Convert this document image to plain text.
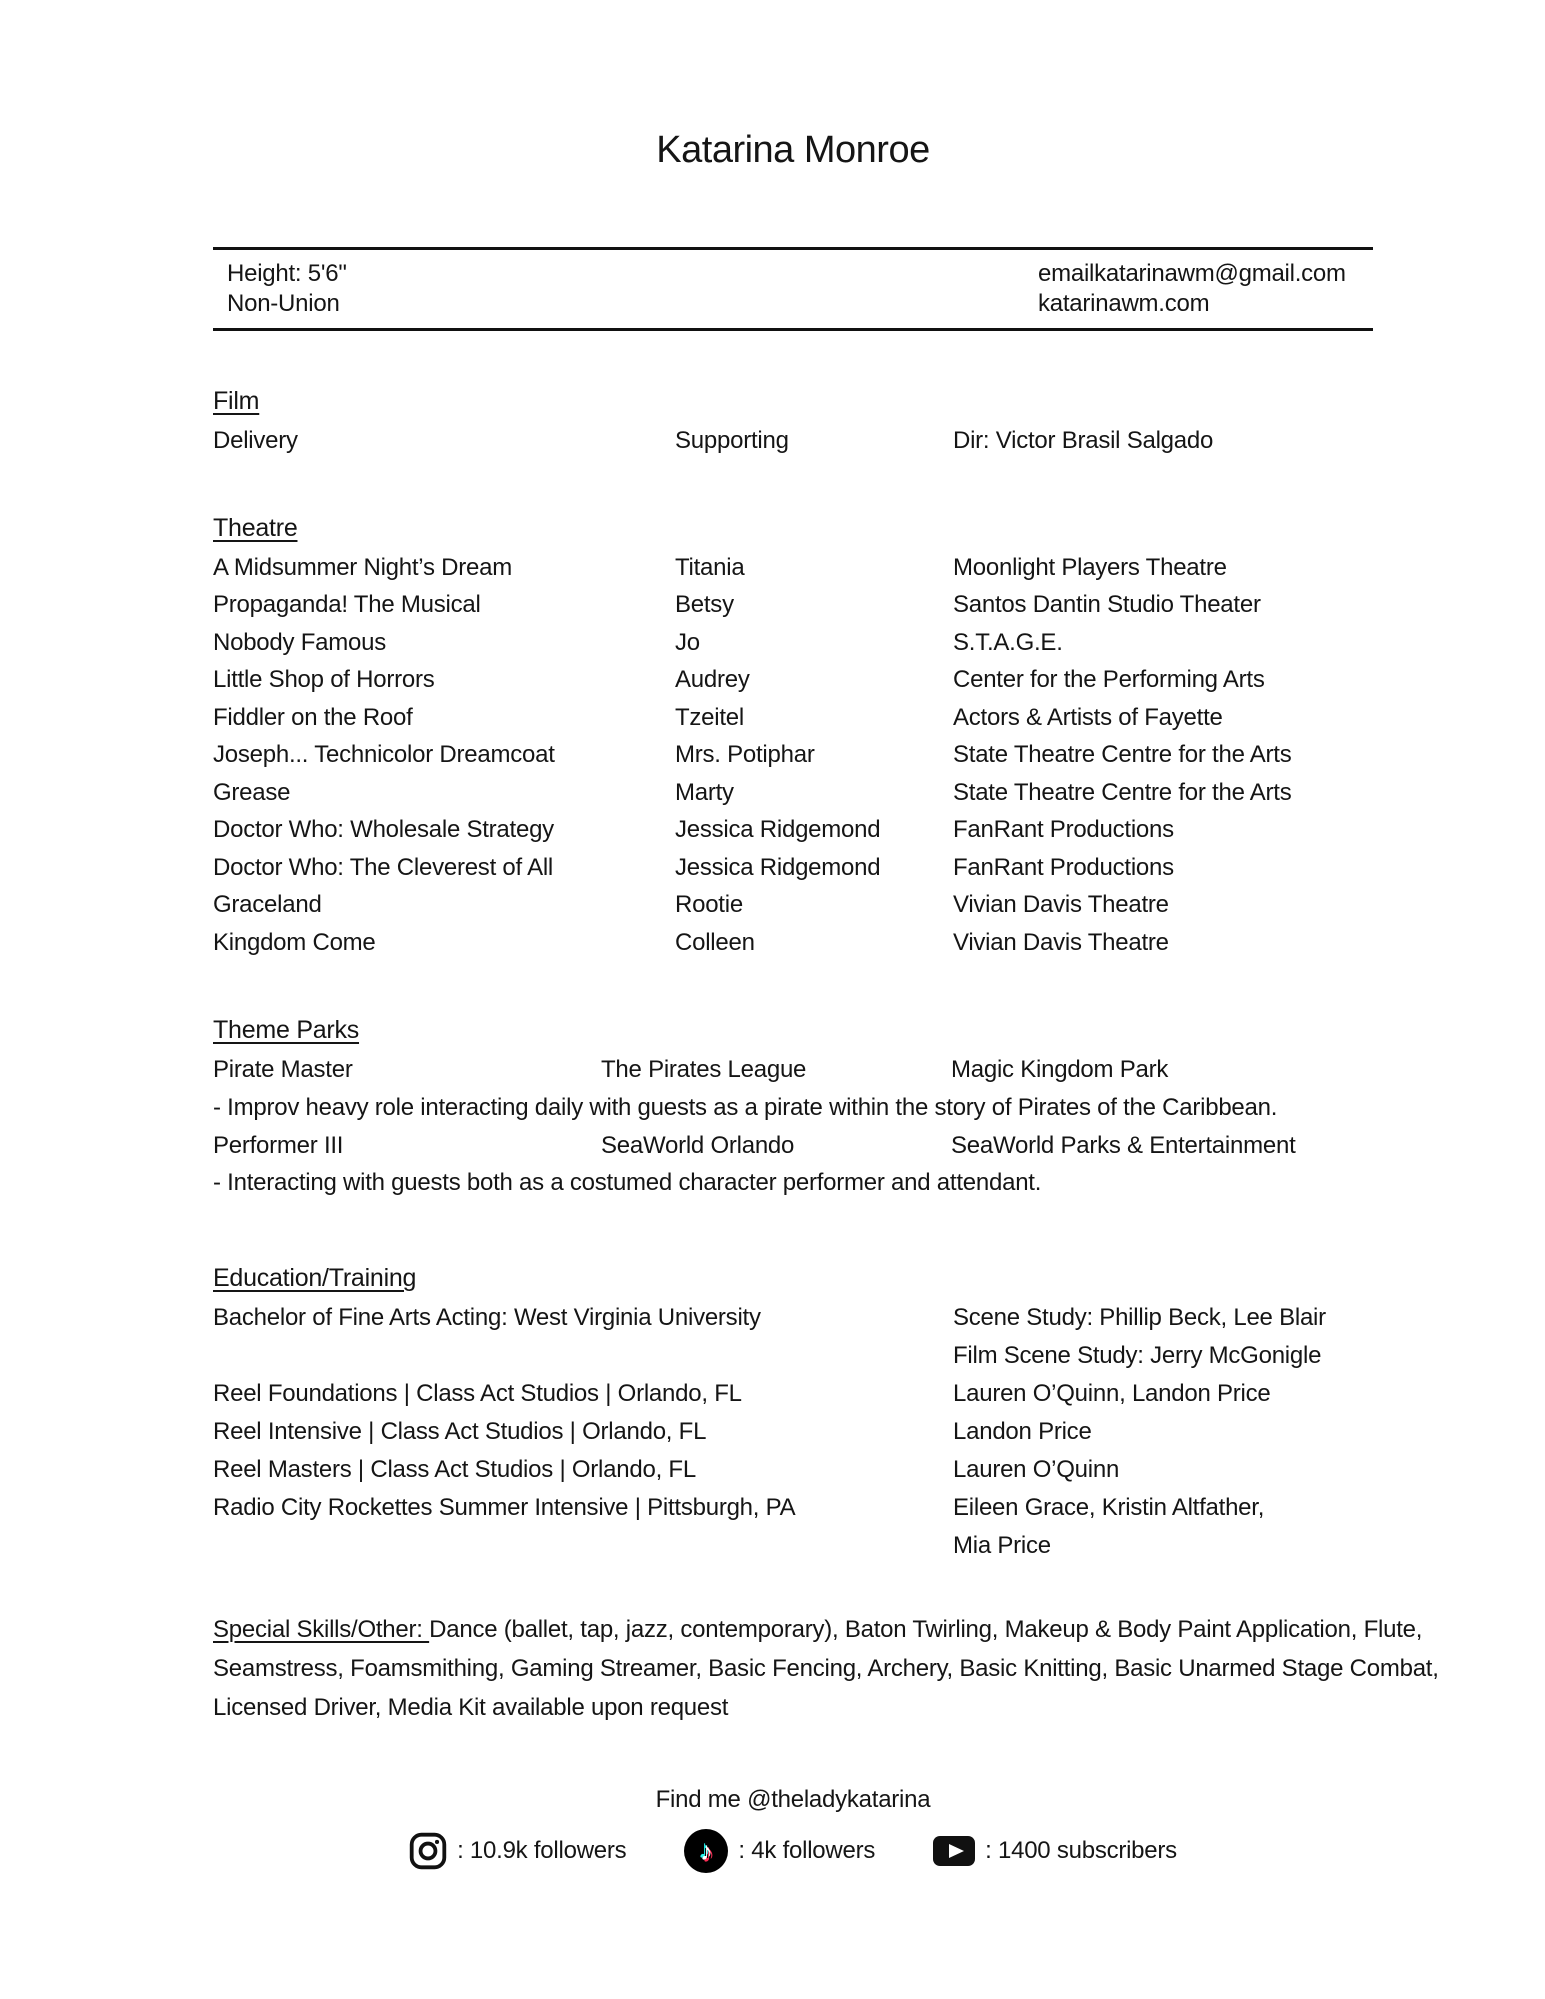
Katarina Monroe
Height: 5'6"
Non-Union
emailkatarinawm@gmail.com
katarinawm.com
Film
Delivery	Supporting	Dir: Victor Brasil Salgado
Theatre
A Midsummer Night’s Dream	Titania	Moonlight Players Theatre
Propaganda! The Musical	Betsy	Santos Dantin Studio Theater
Nobody Famous	Jo	S.T.A.G.E.
Little Shop of Horrors	Audrey	Center for the Performing Arts
Fiddler on the Roof	Tzeitel	Actors & Artists of Fayette
Joseph... Technicolor Dreamcoat	Mrs. Potiphar	State Theatre Centre for the Arts
Grease	Marty	State Theatre Centre for the Arts
Doctor Who: Wholesale Strategy	Jessica Ridgemond	FanRant Productions
Doctor Who: The Cleverest of All	Jessica Ridgemond	FanRant Productions
Graceland	Rootie	Vivian Davis Theatre
Kingdom Come	Colleen	Vivian Davis Theatre
Theme Parks
Pirate Master	The Pirates League	Magic Kingdom Park
- Improv heavy role interacting daily with guests as a pirate within the story of Pirates of the Caribbean.
Performer III	SeaWorld Orlando	SeaWorld Parks & Entertainment
- Interacting with guests both as a costumed character performer and attendant.
Education/Training
Bachelor of Fine Arts Acting: West Virginia University	Scene Study: Phillip Beck, Lee Blair
Film Scene Study: Jerry McGonigle
Reel Foundations | Class Act Studios | Orlando, FL	Lauren O’Quinn, Landon Price
Reel Intensive | Class Act Studios | Orlando, FL	Landon Price
Reel Masters | Class Act Studios | Orlando, FL	Lauren O’Quinn
Radio City Rockettes Summer Intensive | Pittsburgh, PA	Eileen Grace, Kristin Altfather,
Mia Price

Special Skills/Other: Dance (ballet, tap, jazz, contemporary), Baton Twirling, Makeup & Body Paint Application, Flute, Seamstress, Foamsmithing, Gaming Streamer, Basic Fencing, Archery, Basic Knitting, Basic Unarmed Stage Combat, Licensed Driver, Media Kit available upon request

Find me @theladykatarina
: 10.9k followers	♪	: 4k followers	: 1400 subscribers
